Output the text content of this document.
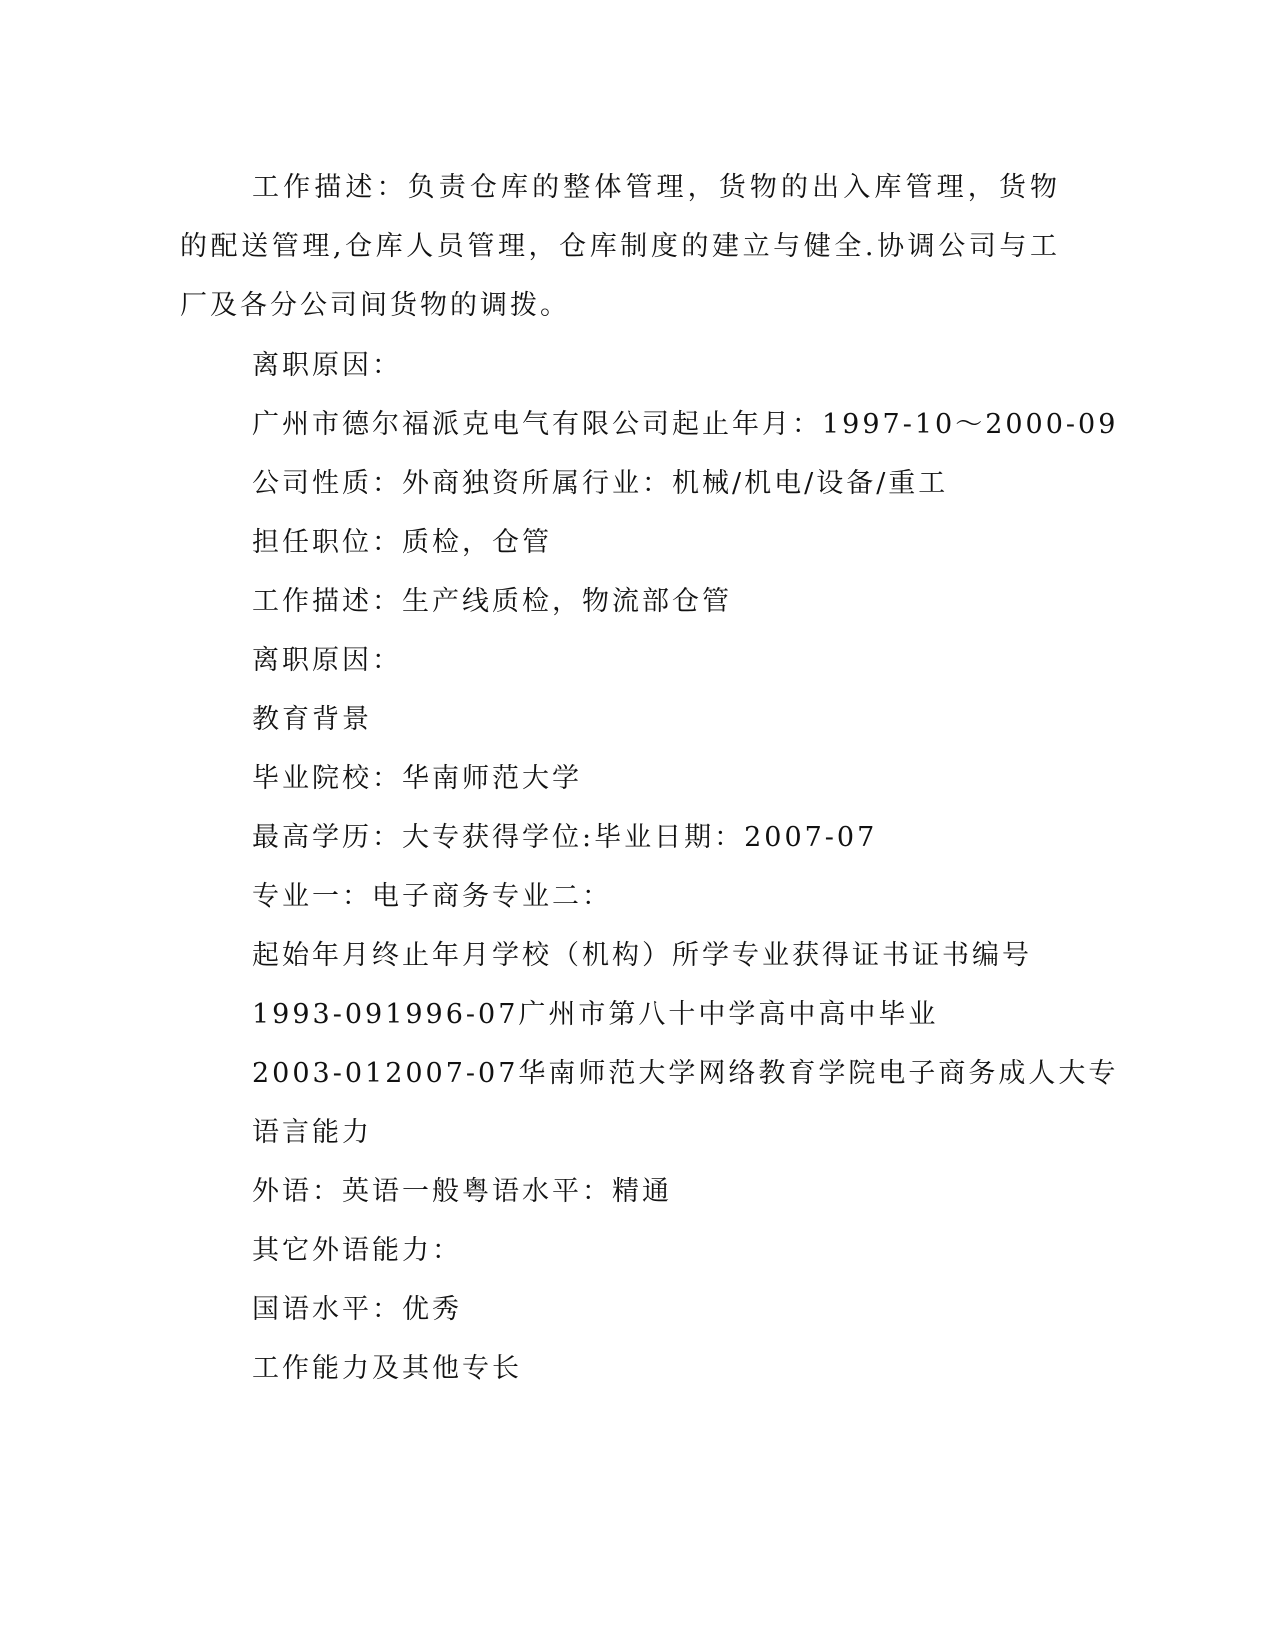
工作描述：负责仓库的整体管理，货物的出入库管理，货物的配送管理,仓库人员管理，仓库制度的建立与健全.协调公司与工厂及各分公司间货物的调拨。

离职原因：
广州市德尔福派克电气有限公司起止年月：1997-10～2000-09
公司性质：外商独资所属行业：机械/机电/设备/重工
担任职位：质检，仓管
工作描述：生产线质检，物流部仓管
离职原因：
教育背景
毕业院校：华南师范大学
最高学历：大专获得学位:毕业日期：2007-07
专业一：电子商务专业二：
起始年月终止年月学校（机构）所学专业获得证书证书编号
1993-091996-07广州市第八十中学高中高中毕业
2003-012007-07华南师范大学网络教育学院电子商务成人大专
语言能力
外语：英语一般粤语水平：精通
其它外语能力：
国语水平：优秀
工作能力及其他专长
